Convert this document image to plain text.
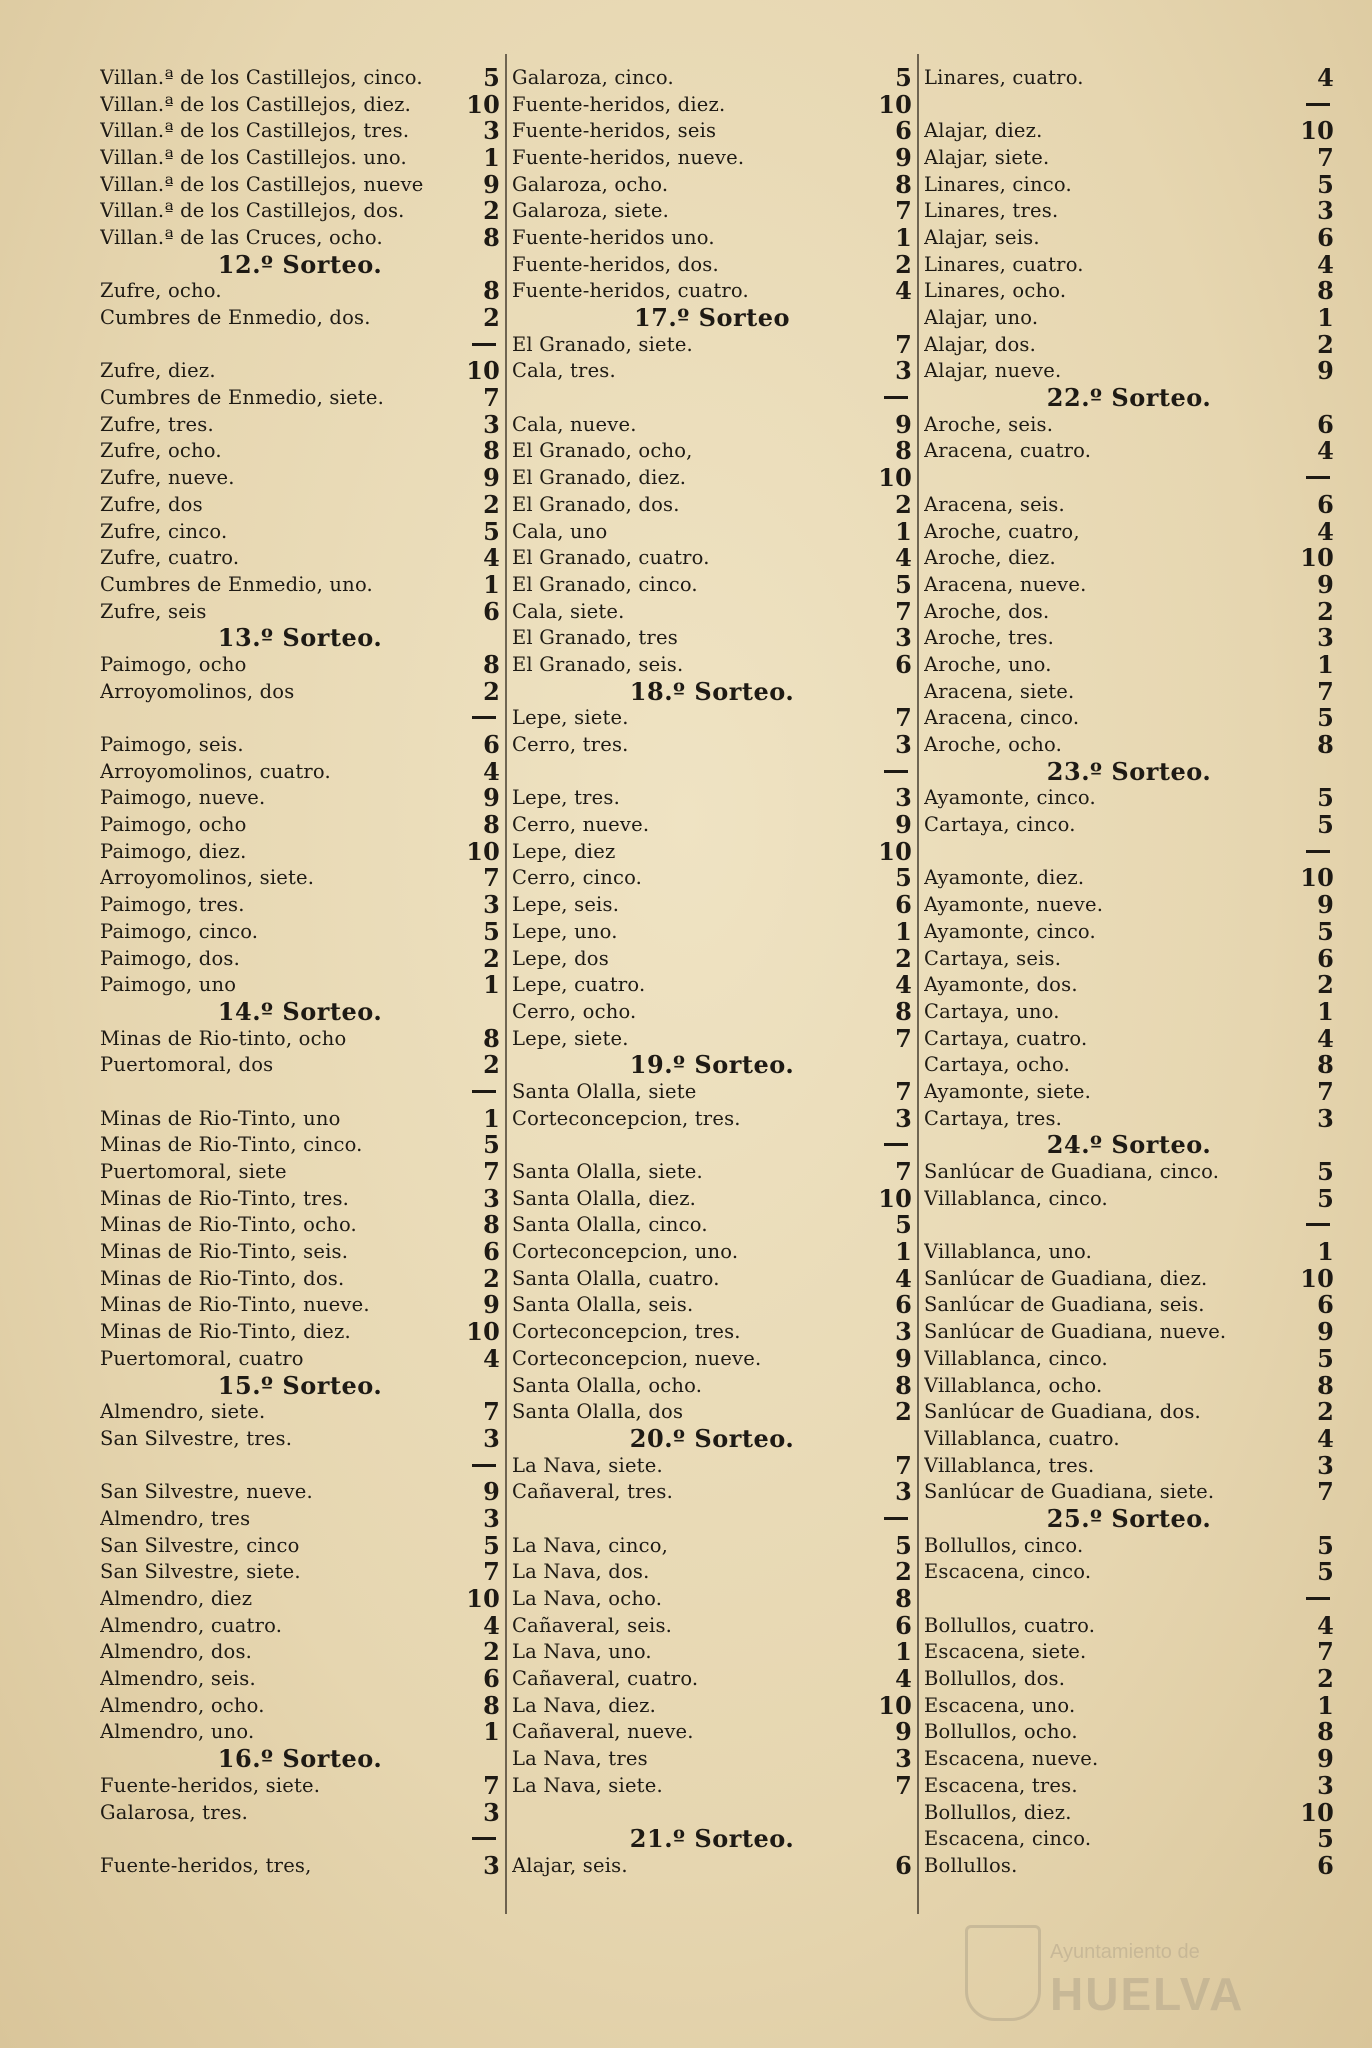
Villan.ª de los Castillejos, cinco.	5
Villan.ª de los Castillejos, diez. 10
Villan.ª de los Castillejos, tres.	3
Villan.ª de los Castillejos. uno.	1
Villan.ª de los Castillejos, nueve	9
Villan.ª de los Castillejos, dos.	2
Villan.ª de las Cruces, ocho.	8
12.º Sorteo.
Zufre, ocho.	8
Cumbres de Enmedio, dos.	2
Zufre, diez.	10
Cumbres de Enmedio, siete.	7
Zufre, tres.	3
Zufre, ocho.	8
Zufre, nueve.	9
Zufre, dos	2
Zufre, cinco.	5
Zufre, cuatro.	4
Cumbres de Enmedio, uno.	1
Zufre, seis	6
13.º Sorteo.
Paimogo, ocho	8
Arroyomolinos, dos	2
Paimogo, seis.	6
Arroyomolinos, cuatro.	4
Paimogo, nueve.	9
Paimogo, ocho	8
Paimogo, diez.	10
Arroyomolinos, siete.	7
Paimogo, tres.	3
Paimogo, cinco.	5
Paimogo, dos.	2
Paimogo, uno	1
14.º Sorteo.
Minas de Rio-tinto, ocho	8
Puertomoral, dos	2
Minas de Rio-Tinto, uno	1
Minas de Rio-Tinto, cinco.	5
Puertomoral, siete	7
Minas de Rio-Tinto, tres.	3
Minas de Rio-Tinto, ocho.	8
Minas de Rio-Tinto, seis.	6
Minas de Rio-Tinto, dos.	2
Minas de Rio-Tinto, nueve.	9
Minas de Rio-Tinto, diez.	10
Puertomoral, cuatro	4
15.º Sorteo.
Almendro, siete.	7
San Silvestre, tres.	3
San Silvestre, nueve.	9
Almendro, tres	3
San Silvestre, cinco	5
San Silvestre, siete.	7
Almendro, diez	10
Almendro, cuatro.	4
Almendro, dos.	2
Almendro, seis.	6
Almendro, ocho.	8
Almendro, uno.	1
16.º Sorteo.
Fuente-heridos, siete.	7
Galarosa, tres.	3
Fuente-heridos, tres,	3
Galaroza, cinco.	5
Fuente-heridos, diez.	10
Fuente-heridos, seis	6
Fuente-heridos, nueve.	9
Galaroza, ocho.	8
Galaroza, siete.	7
Fuente-heridos uno.	1
Fuente-heridos, dos.	2
Fuente-heridos, cuatro.	4
17.º Sorteo
El Granado, siete.	7
Cala, tres.	3
Cala, nueve.	9
El Granado, ocho,	8
El Granado, diez.	10
El Granado, dos.	2
Cala, uno	1
El Granado, cuatro.	4
El Granado, cinco.	5
Cala, siete.	7
El Granado, tres	3
El Granado, seis.	6
18.º Sorteo.
Lepe, siete.	7
Cerro, tres.	3
Lepe, tres.	3
Cerro, nueve.	9
Lepe, diez	10
Cerro, cinco.	5
Lepe, seis.	6
Lepe, uno.	1
Lepe, dos	2
Lepe, cuatro.	4
Cerro, ocho.	8
Lepe, siete.	7
19.º Sorteo.
Santa Olalla, siete	7
Corteconcepcion, tres.	3
Santa Olalla, siete.	7
Santa Olalla, diez.	10
Santa Olalla, cinco.	5
Corteconcepcion, uno.	1
Santa Olalla, cuatro.	4
Santa Olalla, seis.	6
Corteconcepcion, tres.	3
Corteconcepcion, nueve.	9
Santa Olalla, ocho.	8
Santa Olalla, dos	2
20.º Sorteo.
La Nava, siete.	7
Cañaveral, tres.	3
La Nava, cinco,	5
La Nava, dos.	2
La Nava, ocho.	8
Cañaveral, seis.	6
La Nava, uno.	1
Cañaveral, cuatro.	4
La Nava, diez.	10
Cañaveral, nueve.	9
La Nava, tres	3
La Nava, siete.	7
21.º Sorteo.
Alajar, seis.	6
Linares, cuatro.	4
Alajar, diez.	10
Alajar, siete.	7
Linares, cinco.	5
Linares, tres.	3
Alajar, seis.	6
Linares, cuatro.	4
Linares, ocho.	8
Alajar, uno.	1
Alajar, dos.	2
Alajar, nueve.	9
22.º Sorteo.
Aroche, seis.	6
Aracena, cuatro.	4
Aracena, seis.	6
Aroche, cuatro,	4
Aroche, diez.	10
Aracena, nueve.	9
Aroche, dos.	2
Aroche, tres.	3
Aroche, uno.	1
Aracena, siete.	7
Aracena, cinco.	5
Aroche, ocho.	8
23.º Sorteo.
Ayamonte, cinco.	5
Cartaya, cinco.	5
Ayamonte, diez.	10
Ayamonte, nueve.	9
Ayamonte, cinco.	5
Cartaya, seis.	6
Ayamonte, dos.	2
Cartaya, uno.	1
Cartaya, cuatro.	4
Cartaya, ocho.	8
Ayamonte, siete.	7
Cartaya, tres.	3
24.º Sorteo.
Sanlúcar de Guadiana, cinco.	5
Villablanca, cinco.	5
Villablanca, uno.	1
Sanlúcar de Guadiana, diez.	10
Sanlúcar de Guadiana, seis.	6
Sanlúcar de Guadiana, nueve.	9
Villablanca, cinco.	5
Villablanca, ocho.	8
Sanlúcar de Guadiana, dos.	2
Villablanca, cuatro.	4
Villablanca, tres.	3
Sanlúcar de Guadiana, siete.	7
25.º Sorteo.
Bollullos, cinco.	5
Escacena, cinco.	5
Bollullos, cuatro.	4
Escacena, siete.	7
Bollullos, dos.	2
Escacena, uno.	1
Bollullos, ocho.	8
Escacena, nueve.	9
Escacena, tres.	3
Bollullos, diez.	10
Escacena, cinco.	5
Bollullos.	6
Ayuntamiento de
HUELVA
